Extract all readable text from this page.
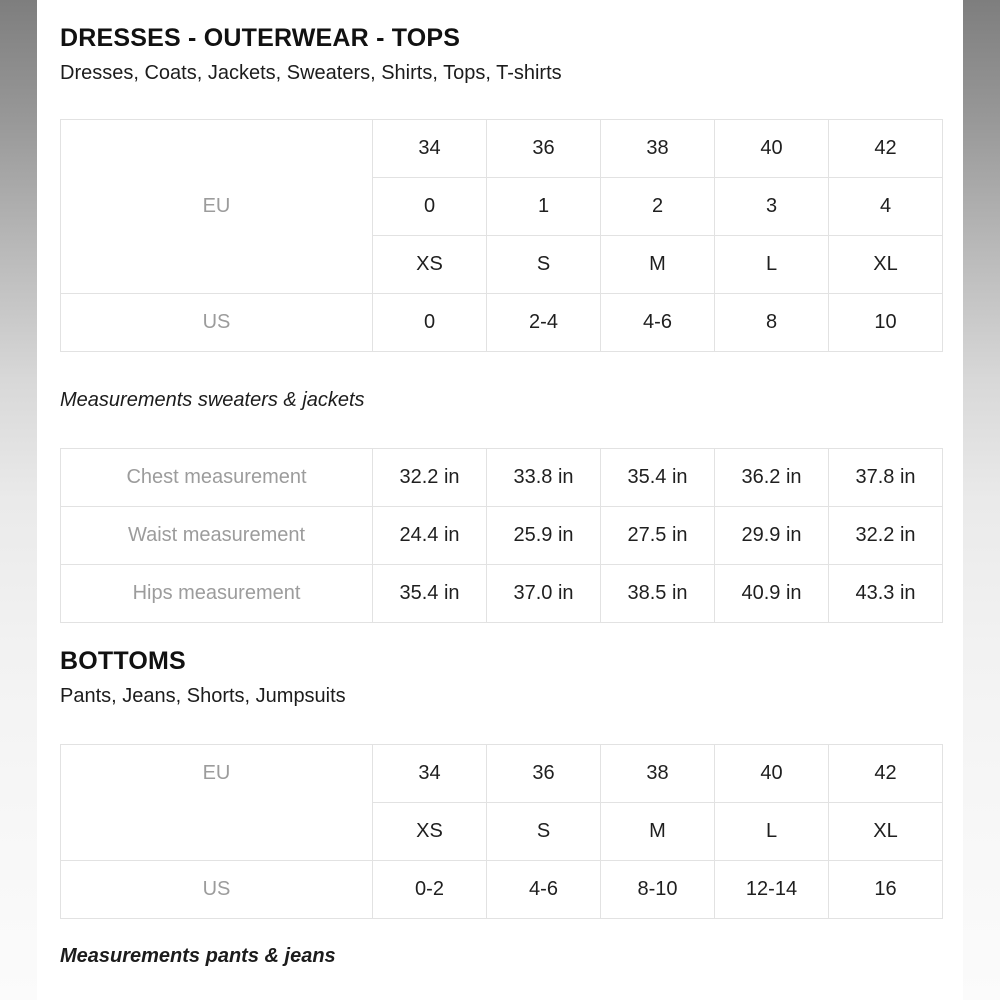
DRESSES - OUTERWEAR - TOPS
Dresses, Coats, Jackets, Sweaters, Shirts, Tops, T-shirts
EU	34	36	38	40	42
	0	1	2	3	4
	XS	S	M	L	XL
US	0	2-4	4-6	8	10
Measurements sweaters & jackets
Chest measurement	32.2 in	33.8 in	35.4 in	36.2 in	37.8 in
Waist measurement	24.4 in	25.9 in	27.5 in	29.9 in	32.2 in
Hips measurement	35.4 in	37.0 in	38.5 in	40.9 in	43.3 in
BOTTOMS
Pants, Jeans, Shorts, Jumpsuits
EU	34	36	38	40	42
	XS	S	M	L	XL
US	0-2	4-6	8-10	12-14	16
Measurements pants & jeans
